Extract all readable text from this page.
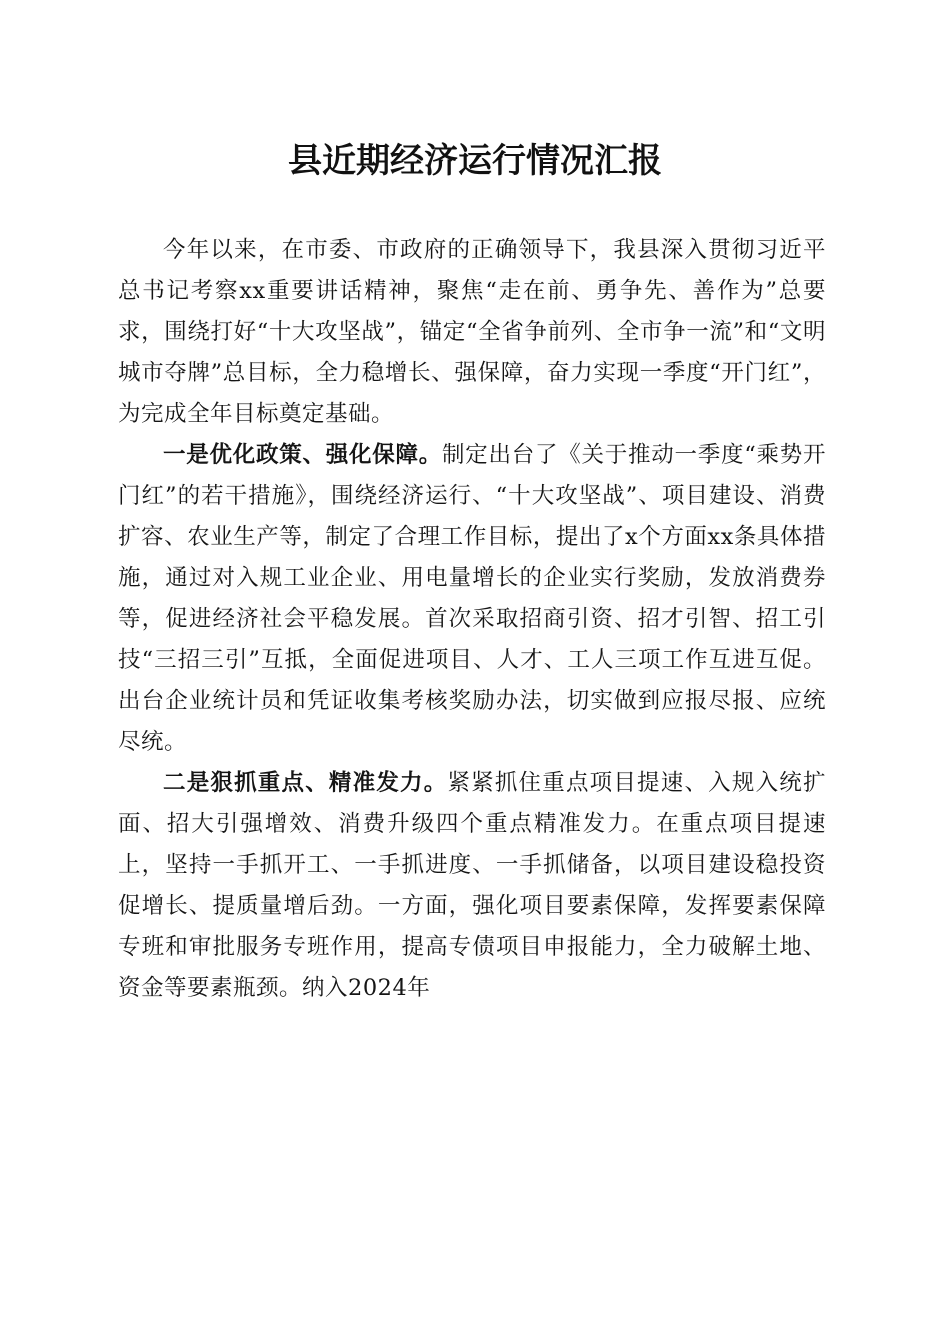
县近期经济运行情况汇报

今年以来，在市委、市政府的正确领导下，我县深入贯彻习近平总书记考察xx重要讲话精神，聚焦“走在前、勇争先、善作为”总要求，围绕打好“十大攻坚战”，锚定“全省争前列、全市争一流”和“文明城市夺牌”总目标，全力稳增长、强保障，奋力实现一季度“开门红”，为完成全年目标奠定基础。

一是优化政策、强化保障。制定出台了《关于推动一季度“乘势开门红”的若干措施》，围绕经济运行、“十大攻坚战”、项目建设、消费扩容、农业生产等，制定了合理工作目标，提出了x个方面xx条具体措施，通过对入规工业企业、用电量增长的企业实行奖励，发放消费券等，促进经济社会平稳发展。首次采取招商引资、招才引智、招工引技“三招三引”互抵，全面促进项目、人才、工人三项工作互进互促。出台企业统计员和凭证收集考核奖励办法，切实做到应报尽报、应统尽统。

二是狠抓重点、精准发力。紧紧抓住重点项目提速、入规入统扩面、招大引强增效、消费升级四个重点精准发力。在重点项目提速上，坚持一手抓开工、一手抓进度、一手抓储备，以项目建设稳投资促增长、提质量增后劲。一方面，强化项目要素保障，发挥要素保障专班和审批服务专班作用，提高专债项目申报能力，全力破解土地、资金等要素瓶颈。纳入2024年
